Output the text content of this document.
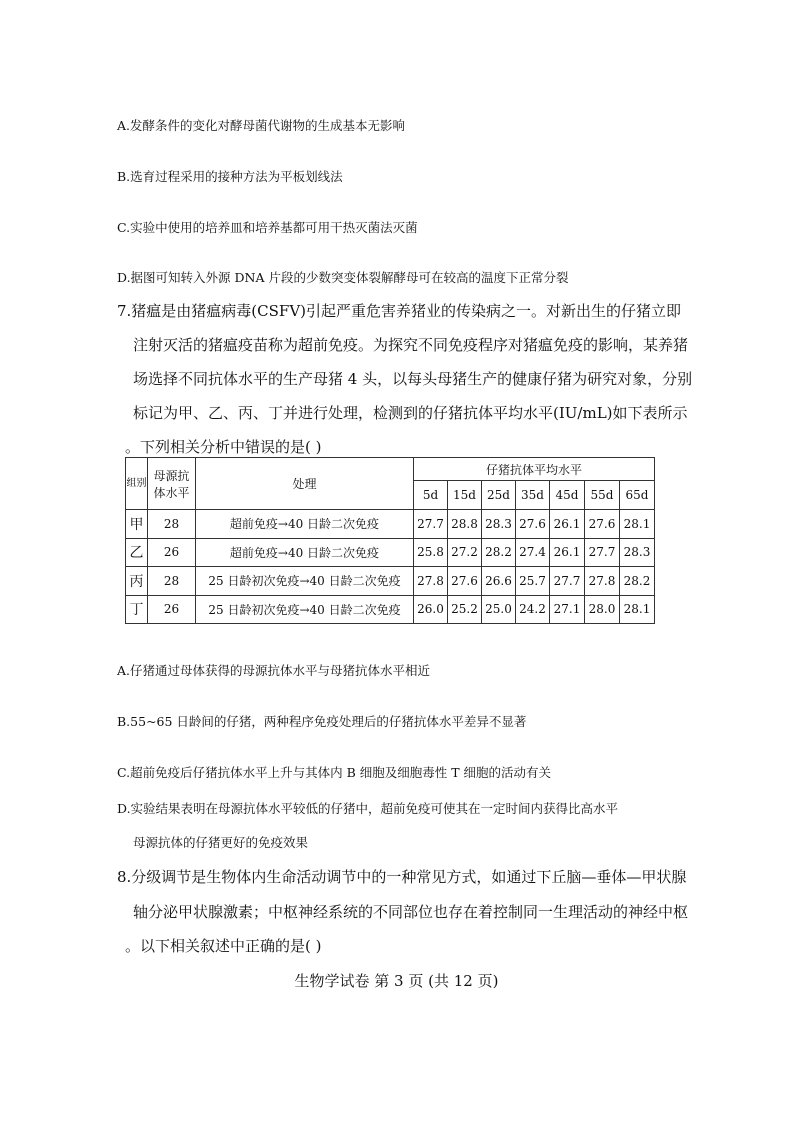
A.发酵条件的变化对酵母菌代谢物的生成基本无影响
B.选育过程采用的接种方法为平板划线法
C.实验中使用的培养皿和培养基都可用干热灭菌法灭菌
D.据图可知转入外源 DNA 片段的少数突变体裂解酵母可在较高的温度下正常分裂
7.猪瘟是由猪瘟病毒(CSFV)引起严重危害养猪业的传染病之一。对新出生的仔猪立即
注射灭活的猪瘟疫苗称为超前免疫。为探究不同免疫程序对猪瘟免疫的影响，某养猪
场选择不同抗体水平的生产母猪 4 头，以每头母猪生产的健康仔猪为研究对象，分别
标记为甲、乙、丙、丁并进行处理，检测到的仔猪抗体平均水平(IU/mL)如下表所示
。下列相关分析中错误的是( )
组别	母源抗体水平	处理	仔猪抗体平均水平						
			5d	15d	25d	35d	45d	55d	65d
甲	28	超前免疫→40 日龄二次免疫	27.7	28.8	28.3	27.6	26.1	27.6	28.1
乙	26	超前免疫→40 日龄二次免疫	25.8	27.2	28.2	27.4	26.1	27.7	28.3
丙	28	25 日龄初次免疫→40 日龄二次免疫	27.8	27.6	26.6	25.7	27.7	27.8	28.2
丁	26	25 日龄初次免疫→40 日龄二次免疫	26.0	25.2	25.0	24.2	27.1	28.0	28.1
A.仔猪通过母体获得的母源抗体水平与母猪抗体水平相近
B.55~65 日龄间的仔猪，两种程序免疫处理后的仔猪抗体水平差异不显著
C.超前免疫后仔猪抗体水平上升与其体内 B 细胞及细胞毒性 T 细胞的活动有关
D.实验结果表明在母源抗体水平较低的仔猪中，超前免疫可使其在一定时间内获得比高水平
母源抗体的仔猪更好的免疫效果
8.分级调节是生物体内生命活动调节中的一种常见方式，如通过下丘脑—垂体—甲状腺
轴分泌甲状腺激素；中枢神经系统的不同部位也存在着控制同一生理活动的神经中枢
。以下相关叙述中正确的是( )
生物学试卷 第 3 页 (共 12 页)
